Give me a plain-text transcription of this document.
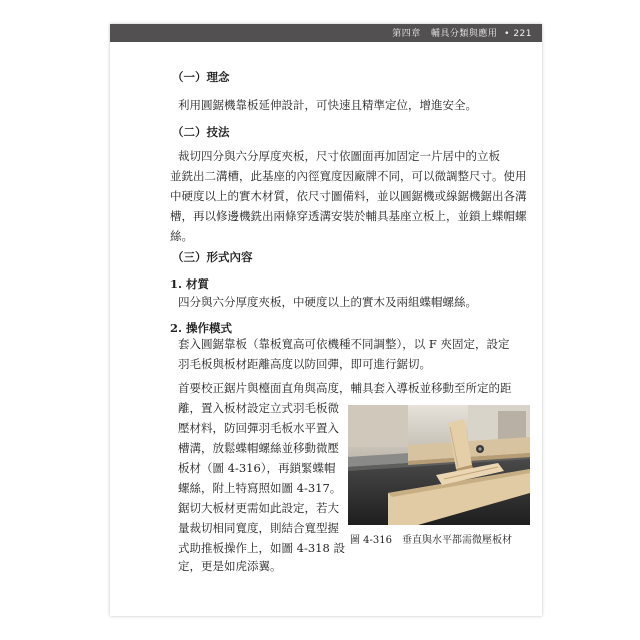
第四章 輔具分類與應用  • 221
（一）理念
利用圓鋸機靠板延伸設計，可快速且精準定位，增進安全。
（二）技法
裁切四分與六分厚度夾板，尺寸依圖面再加固定一片居中的立板
並銑出二溝槽，此基座的內徑寬度因廠牌不同，可以微調整尺寸。使用
中硬度以上的實木材質，依尺寸圖備料，並以圓鋸機或線鋸機鋸出各溝
槽，再以修邊機銑出兩條穿透溝安裝於輔具基座立板上，並鎖上蝶帽螺
絲。
（三）形式內容
1. 材質
四分與六分厚度夾板，中硬度以上的實木及兩組蝶帽螺絲。
2. 操作模式
套入圓鋸靠板（靠板寬高可依機種不同調整），以 F 夾固定，設定
羽毛板與板材距離高度以防回彈，即可進行鋸切。
首要校正鋸片與檯面直角與高度，輔具套入導板並移動至所定的距
離，置入板材設定立式羽毛板微
壓材料，防回彈羽毛板水平置入
槽溝，放鬆蝶帽螺絲並移動微壓
板材（圖 4-316），再鎖緊蝶帽
螺絲，附上特寫照如圖 4-317。
鋸切大板材更需如此設定，若大
量裁切相同寬度，則結合寬型握
式助推板操作上，如圖 4-318 設
定，更是如虎添翼。
圖 4-316　垂直與水平都需微壓板材
